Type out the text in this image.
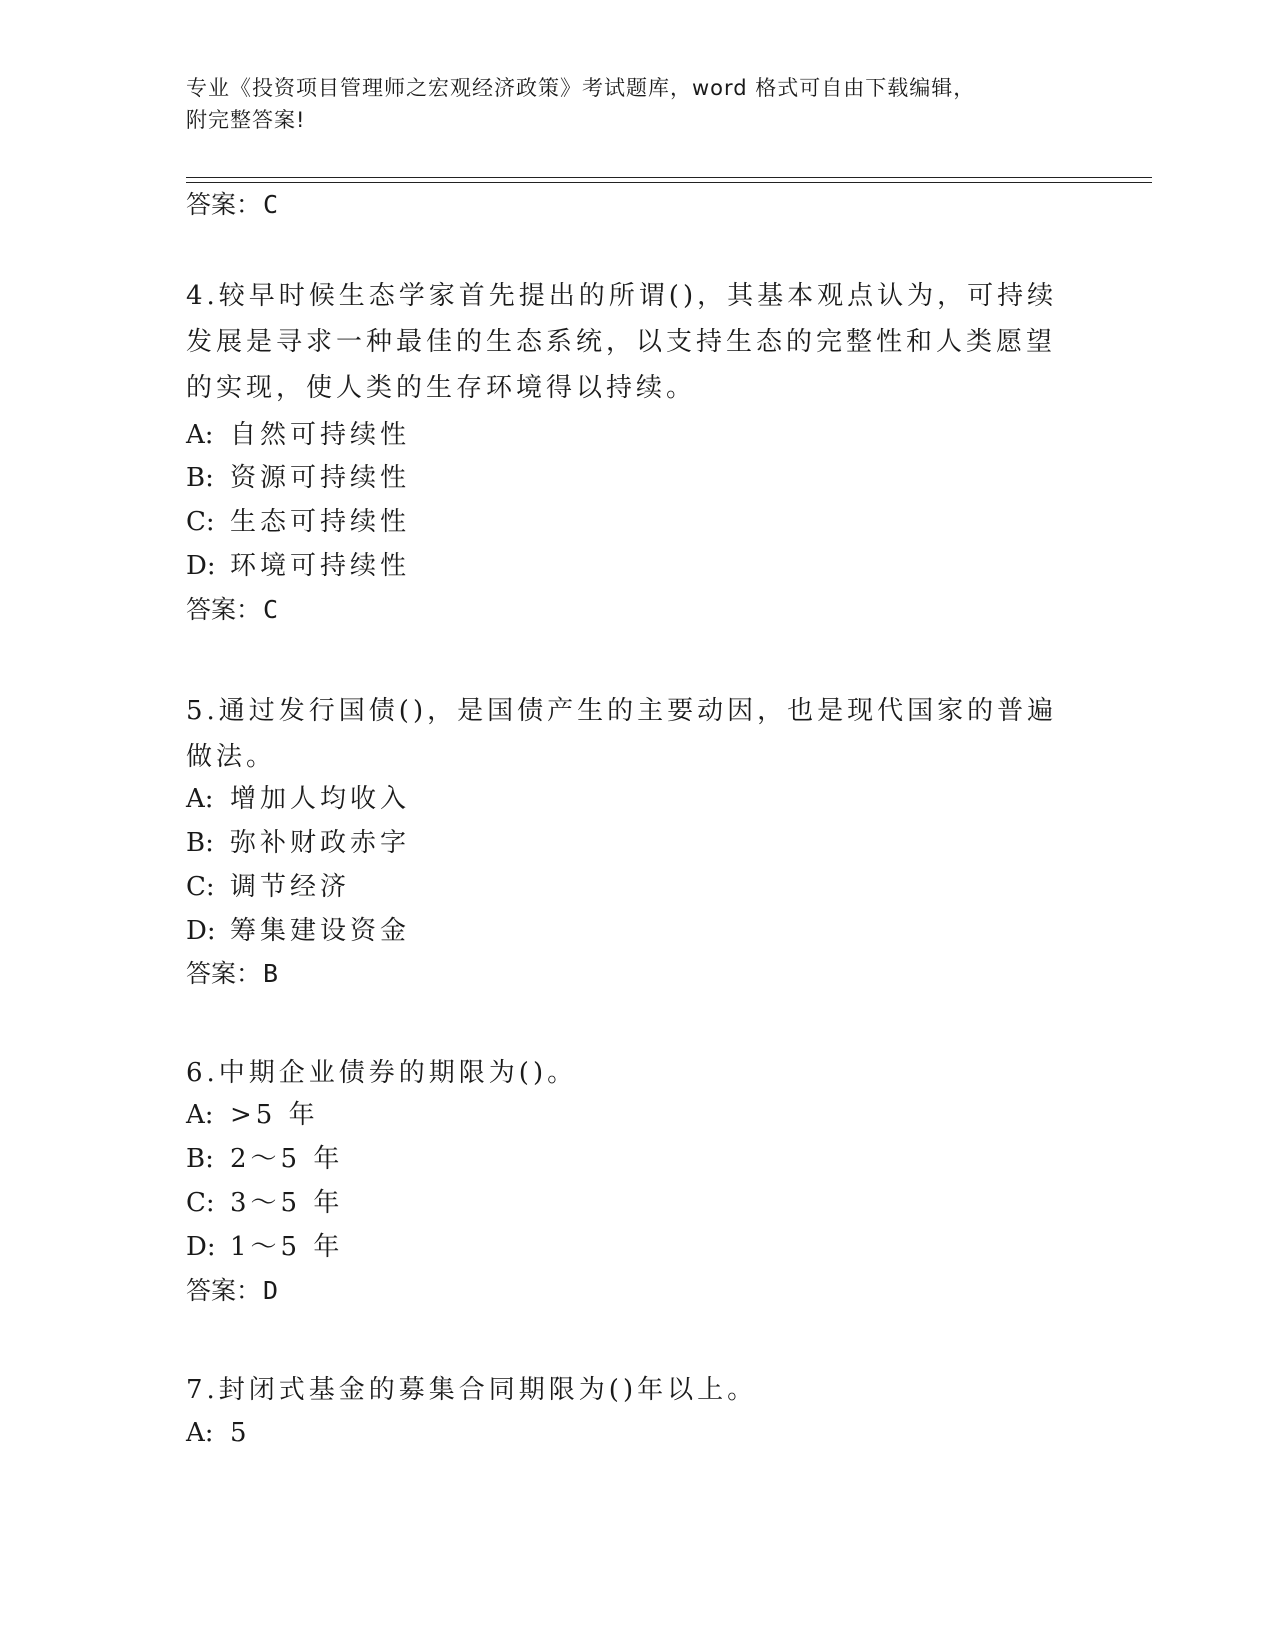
专业《投资项目管理师之宏观经济政策》考试题库，word 格式可自由下载编辑，
附完整答案!
答案：C
4.较早时候生态学家首先提出的所谓()，其基本观点认为，可持续发展是寻求一种最佳的生态系统，以支持生态的完整性和人类愿望的实现，使人类的生存环境得以持续。
A: 自然可持续性
B: 资源可持续性
C: 生态可持续性
D: 环境可持续性
答案：C
5.通过发行国债()，是国债产生的主要动因，也是现代国家的普遍做法。
A: 增加人均收入
B: 弥补财政赤字
C: 调节经济
D: 筹集建设资金
答案：B
6.中期企业债券的期限为()。
A: >5 年
B: 2～5 年
C: 3～5 年
D: 1～5 年
答案：D
7.封闭式基金的募集合同期限为()年以上。
A: 5
